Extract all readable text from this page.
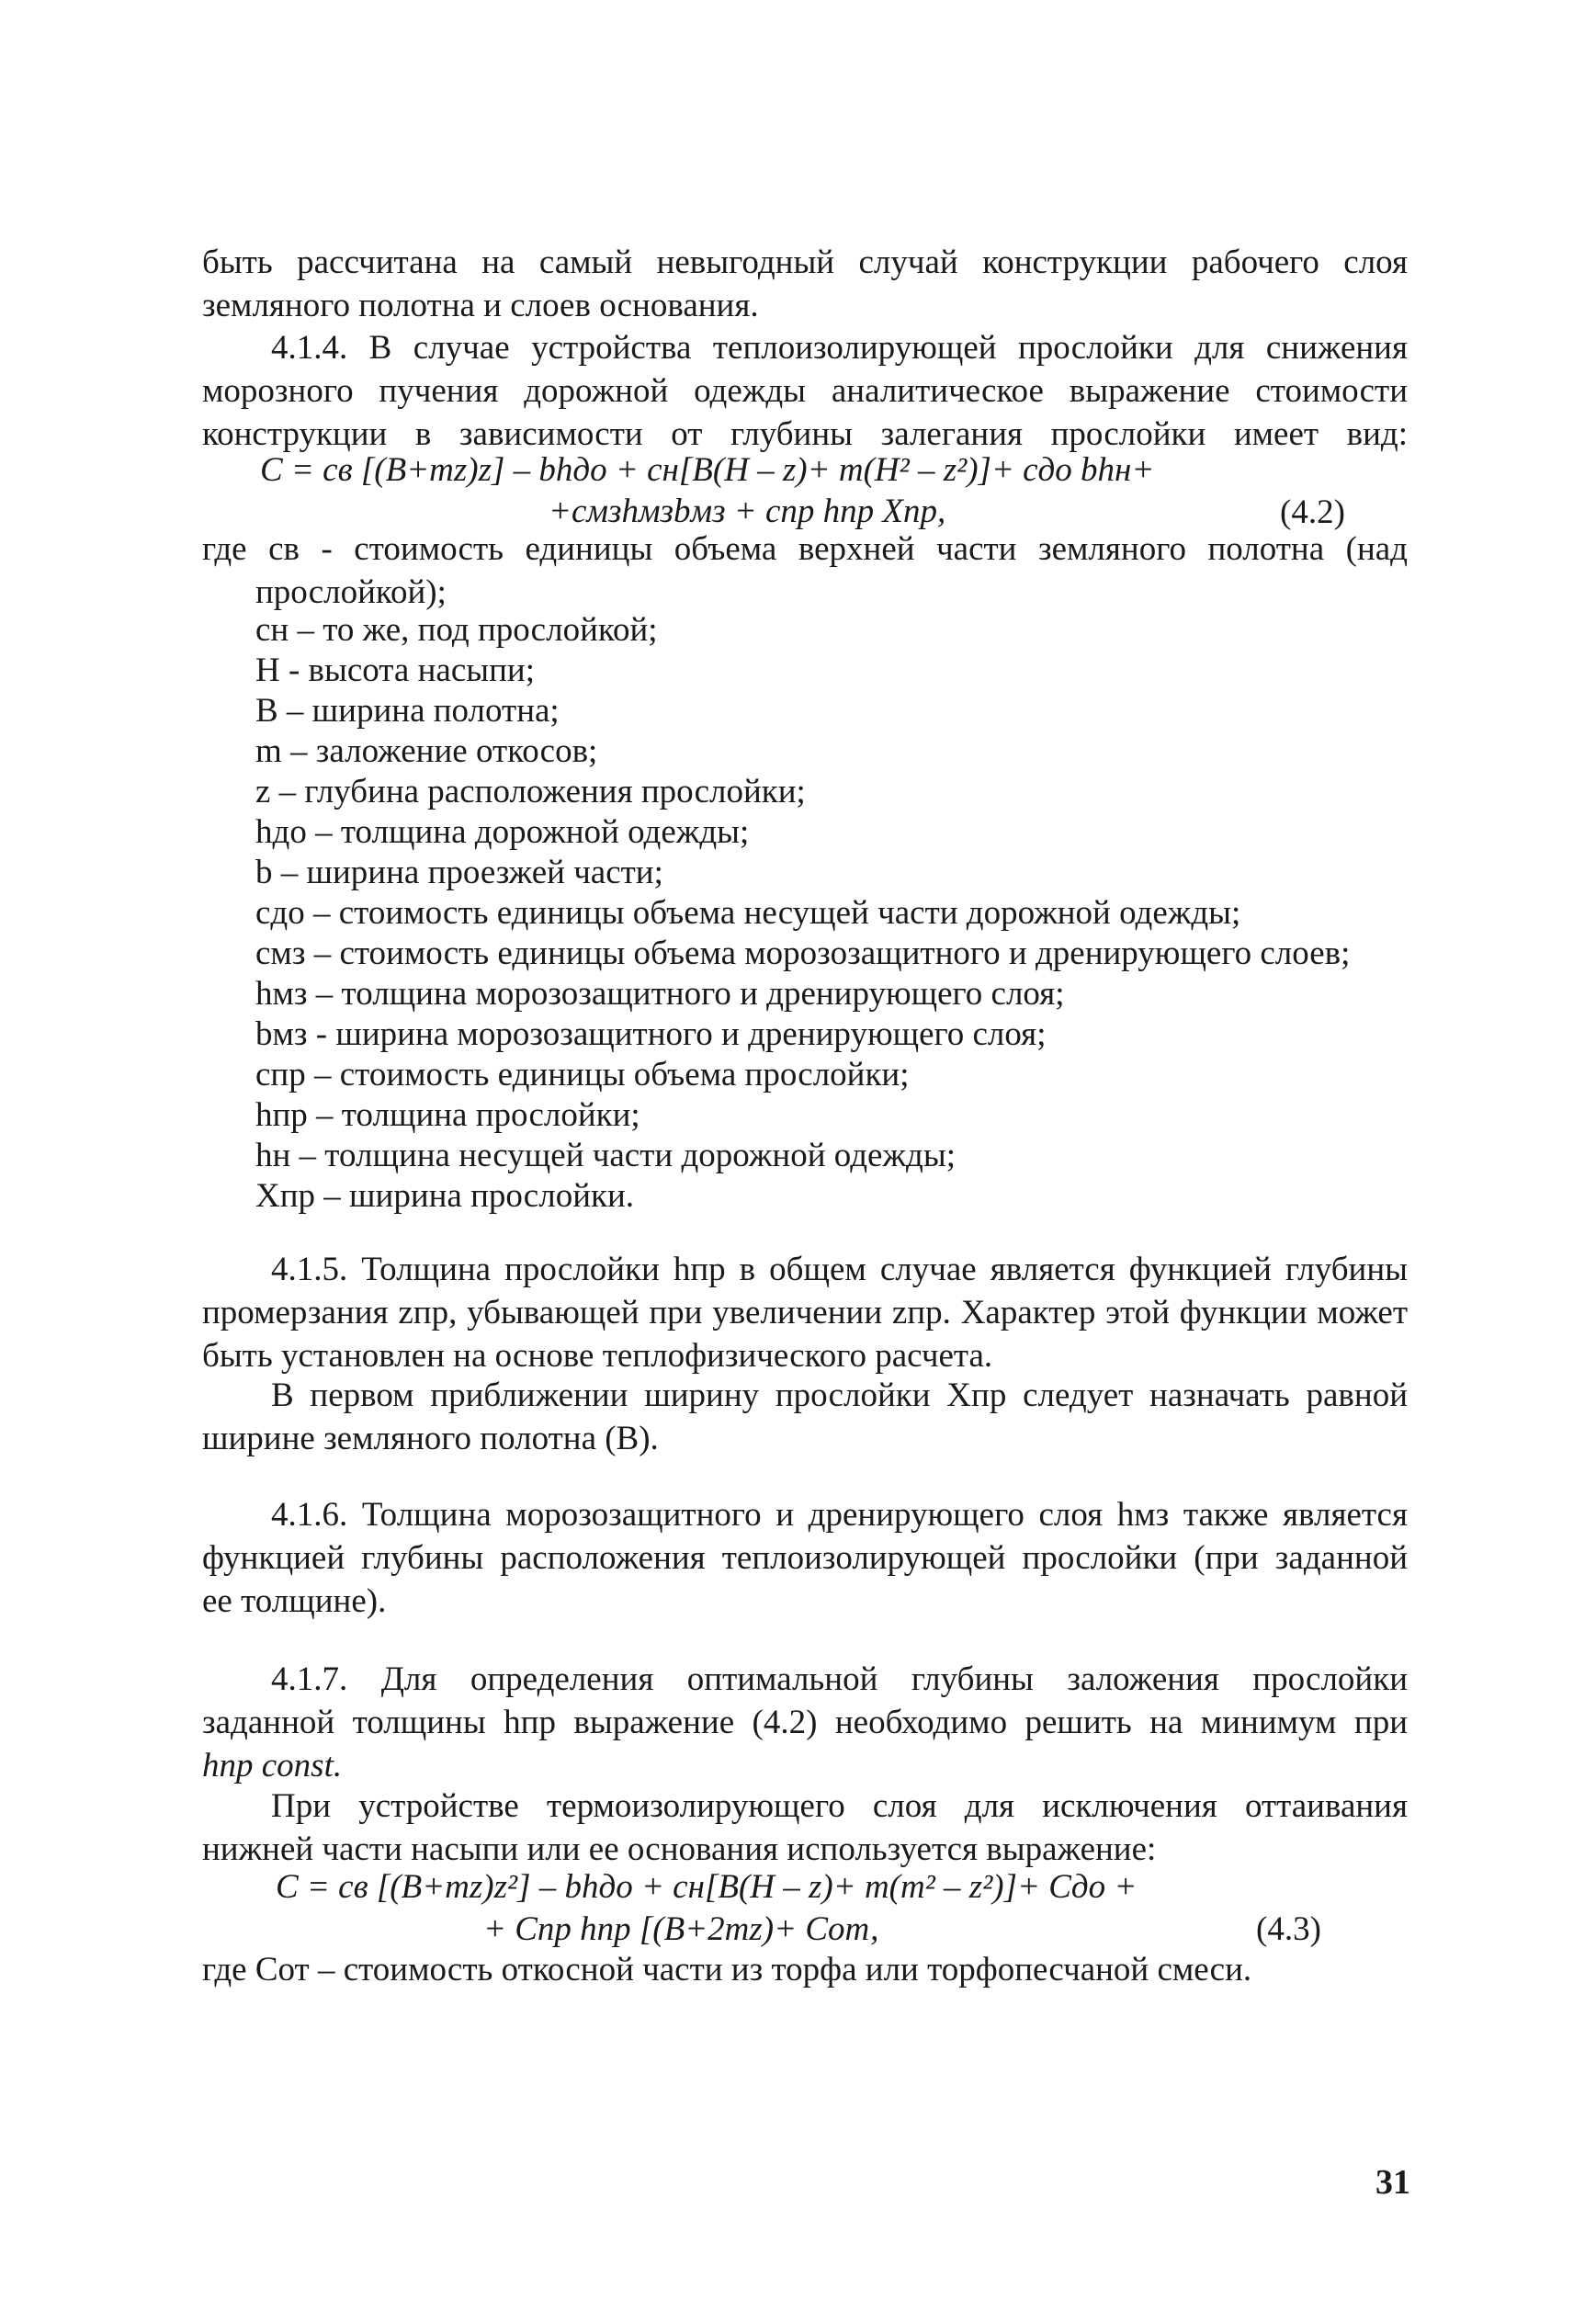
быть рассчитана на самый невыгодный случай конструкции рабочего слоя
земляного полотна и слоев основания.
4.1.4. В случае устройства теплоизолирующей прослойки для снижения
морозного пучения дорожной одежды аналитическое выражение стоимости
конструкции в зависимости от глубины залегания прослойки имеет вид:
C = cв [(B+mz)z] – bhдо + cн[B(H – z)+ m(H² – z²)]+ cдо bhн+
+cмзhмзbмз + cпр hпр Xпр,	(4.2)
где cв - стоимость единицы объема верхней части земляного полотна (над
прослойкой);
cн – то же, под прослойкой;
H - высота насыпи;
B – ширина полотна;
m – заложение откосов;
z – глубина расположения прослойки;
hдо – толщина дорожной одежды;
b – ширина проезжей части;
cдо – стоимость единицы объема несущей части дорожной одежды;
cмз – стоимость единицы объема морозозащитного и дренирующего слоев;
hмз – толщина морозозащитного и дренирующего слоя;
bмз - ширина морозозащитного и дренирующего слоя;
cпр – стоимость единицы объема прослойки;
hпр – толщина прослойки;
hн – толщина несущей части дорожной одежды;
Xпр – ширина прослойки.
4.1.5. Толщина прослойки hпр в общем случае является функцией глубины
промерзания zпр, убывающей при увеличении zпр. Характер этой функции может
быть установлен на основе теплофизического расчета.
В первом приближении ширину прослойки Xпр следует назначать равной
ширине земляного полотна (B).
4.1.6. Толщина морозозащитного и дренирующего слоя hмз также является
функцией глубины расположения теплоизолирующей прослойки (при заданной
ее толщине).
4.1.7. Для определения оптимальной глубины заложения прослойки
заданной толщины hпр выражение (4.2) необходимо решить на минимум при
hпр const.
При устройстве термоизолирующего слоя для исключения оттаивания
нижней части насыпи или ее основания используется выражение:
C = cв [(B+mz)z²] – bhдо + cн[B(H – z)+ m(m² – z²)]+ Cдо +
+ Cпр hпр [(B+2mz)+ Cот,	(4.3)
где Cот – стоимость откосной части из торфа или торфопесчаной смеси.
31
